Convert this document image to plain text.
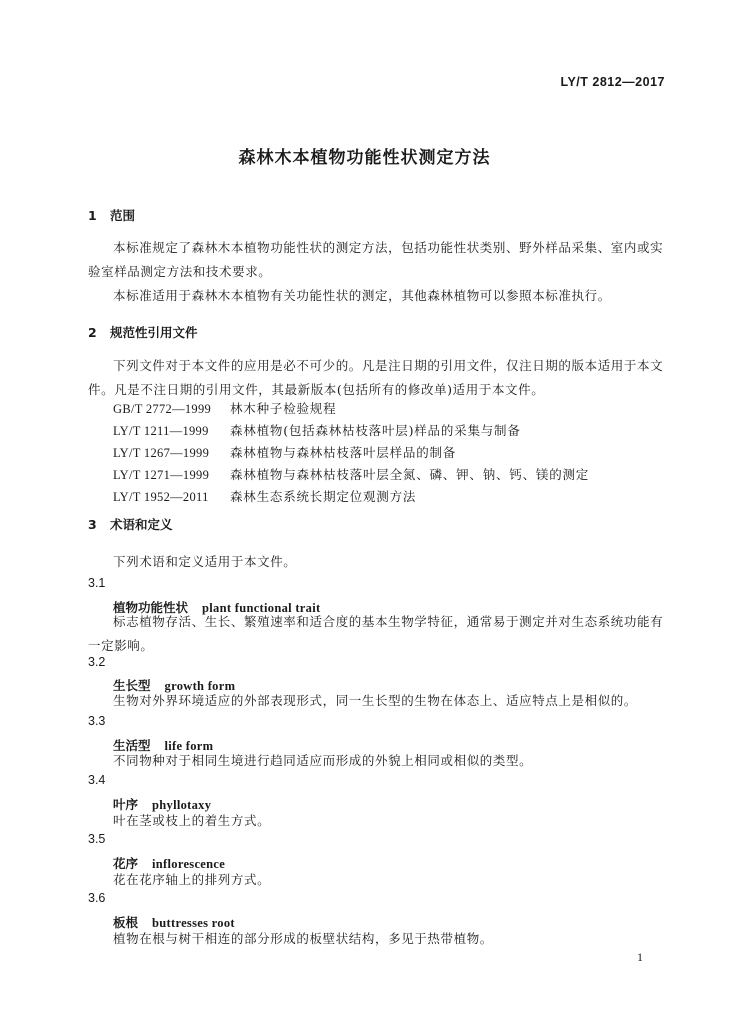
LY/T 2812—2017
森林木本植物功能性状测定方法
1 范围
本标准规定了森林木本植物功能性状的测定方法，包括功能性状类别、野外样品采集、室内或实验室样品测定方法和技术要求。
本标准适用于森林木本植物有关功能性状的测定，其他森林植物可以参照本标准执行。
2 规范性引用文件
下列文件对于本文件的应用是必不可少的。凡是注日期的引用文件，仅注日期的版本适用于本文件。凡是不注日期的引用文件，其最新版本(包括所有的修改单)适用于本文件。
GB/T 2772—1999 林木种子检验规程
LY/T 1211—1999 森林植物(包括森林枯枝落叶层)样品的采集与制备
LY/T 1267—1999 森林植物与森林枯枝落叶层样品的制备
LY/T 1271—1999 森林植物与森林枯枝落叶层全氮、磷、钾、钠、钙、镁的测定
LY/T 1952—2011 森林生态系统长期定位观测方法
3 术语和定义
下列术语和定义适用于本文件。
3.1
植物功能性状 plant functional trait
标志植物存活、生长、繁殖速率和适合度的基本生物学特征，通常易于测定并对生态系统功能有一定影响。
3.2
生长型 growth form
生物对外界环境适应的外部表现形式，同一生长型的生物在体态上、适应特点上是相似的。
3.3
生活型 life form
不同物种对于相同生境进行趋同适应而形成的外貌上相同或相似的类型。
3.4
叶序 phyllotaxy
叶在茎或枝上的着生方式。
3.5
花序 inflorescence
花在花序轴上的排列方式。
3.6
板根 buttresses root
植物在根与树干相连的部分形成的板壁状结构，多见于热带植物。
1
